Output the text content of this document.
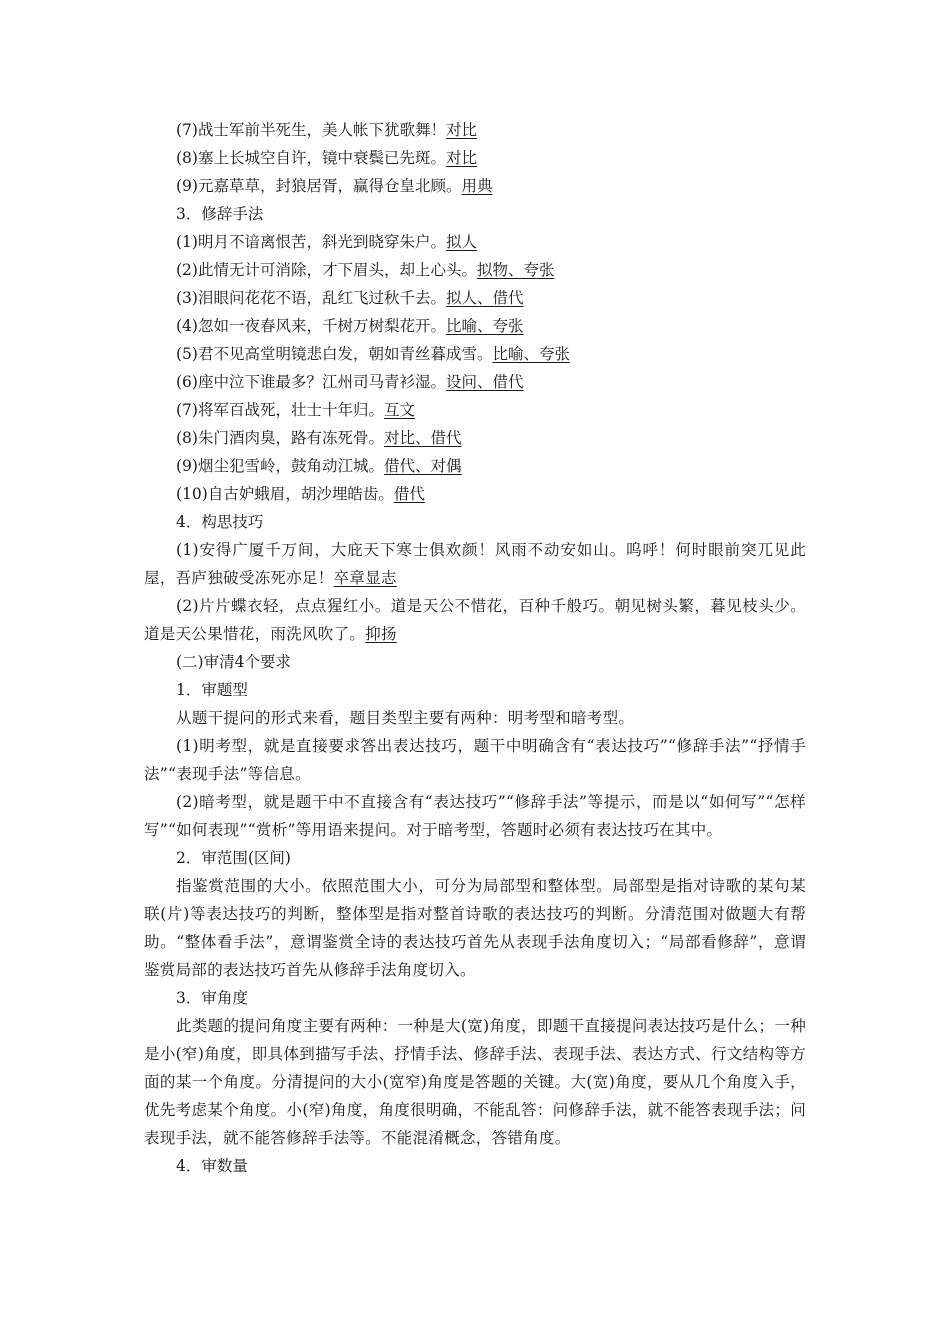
(7)战士军前半死生，美人帐下犹歌舞！对比
(8)塞上长城空自许，镜中衰鬓已先斑。对比
(9)元嘉草草，封狼居胥，赢得仓皇北顾。用典
3．修辞手法
(1)明月不谙离恨苦，斜光到晓穿朱户。拟人
(2)此情无计可消除，才下眉头，却上心头。拟物、夸张
(3)泪眼问花花不语，乱红飞过秋千去。拟人、借代
(4)忽如一夜春风来，千树万树梨花开。比喻、夸张
(5)君不见高堂明镜悲白发，朝如青丝暮成雪。比喻、夸张
(6)座中泣下谁最多？江州司马青衫湿。设问、借代
(7)将军百战死，壮士十年归。互文
(8)朱门酒肉臭，路有冻死骨。对比、借代
(9)烟尘犯雪岭，鼓角动江城。借代、对偶
(10)自古妒蛾眉，胡沙埋皓齿。借代
4．构思技巧
(1)安得广厦千万间，大庇天下寒士俱欢颜！风雨不动安如山。呜呼！何时眼前突兀见此屋，吾庐独破受冻死亦足！卒章显志
(2)片片蝶衣轻，点点猩红小。道是天公不惜花，百种千般巧。朝见树头繁，暮见枝头少。道是天公果惜花，雨洗风吹了。抑扬
(二)审清4个要求
1．审题型
从题干提问的形式来看，题目类型主要有两种：明考型和暗考型。
(1)明考型，就是直接要求答出表达技巧，题干中明确含有“表达技巧”“修辞手法”“抒情手法”“表现手法”等信息。
(2)暗考型，就是题干中不直接含有“表达技巧”“修辞手法”等提示，而是以“如何写”“怎样写”“如何表现”“赏析”等用语来提问。对于暗考型，答题时必须有表达技巧在其中。
2．审范围(区间)
指鉴赏范围的大小。依照范围大小，可分为局部型和整体型。局部型是指对诗歌的某句某联(片)等表达技巧的判断，整体型是指对整首诗歌的表达技巧的判断。分清范围对做题大有帮助。“整体看手法”，意谓鉴赏全诗的表达技巧首先从表现手法角度切入；“局部看修辞”，意谓鉴赏局部的表达技巧首先从修辞手法角度切入。
3．审角度
此类题的提问角度主要有两种：一种是大(宽)角度，即题干直接提问表达技巧是什么；一种是小(窄)角度，即具体到描写手法、抒情手法、修辞手法、表现手法、表达方式、行文结构等方面的某一个角度。分清提问的大小(宽窄)角度是答题的关键。大(宽)角度，要从几个角度入手，优先考虑某个角度。小(窄)角度，角度很明确，不能乱答：问修辞手法，就不能答表现手法；问表现手法，就不能答修辞手法等。不能混淆概念，答错角度。
4．审数量
